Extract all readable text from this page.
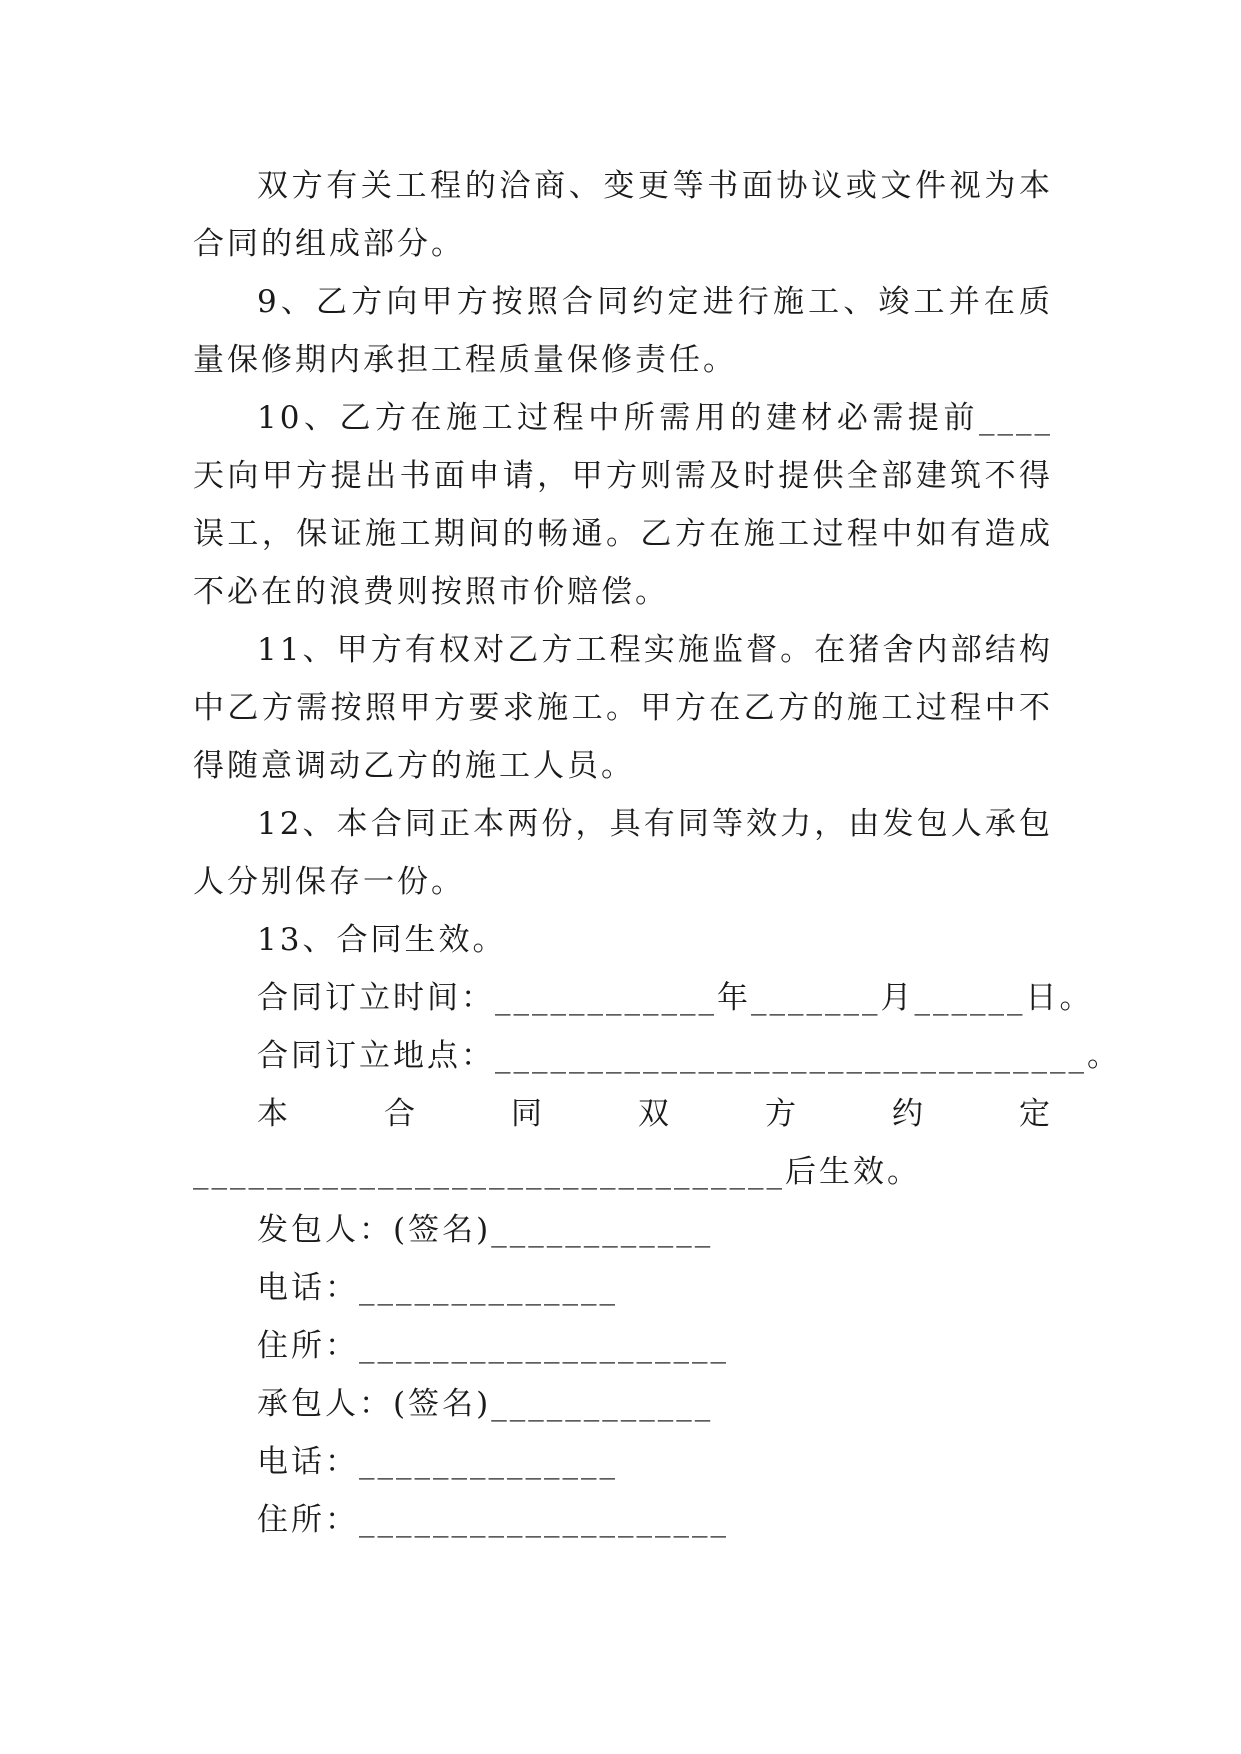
双方有关工程的洽商、变更等书面协议或文件视为本合同的组成部分。

9、乙方向甲方按照合同约定进行施工、竣工并在质量保修期内承担工程质量保修责任。

10、乙方在施工过程中所需用的建材必需提前____天向甲方提出书面申请，甲方则需及时提供全部建筑不得误工，保证施工期间的畅通。乙方在施工过程中如有造成不必在的浪费则按照市价赔偿。

11、甲方有权对乙方工程实施监督。在猪舍内部结构中乙方需按照甲方要求施工。甲方在乙方的施工过程中不得随意调动乙方的施工人员。

12、本合同正本两份，具有同等效力，由发包人承包人分别保存一份。

13、合同生效。

合同订立时间：____________年_______月______日。

合同订立地点：________________________________。

本合同双方约定________________________________后生效。

发包人：(签名)____________

电话：______________

住所：____________________

承包人：(签名)____________

电话：______________

住所：____________________
